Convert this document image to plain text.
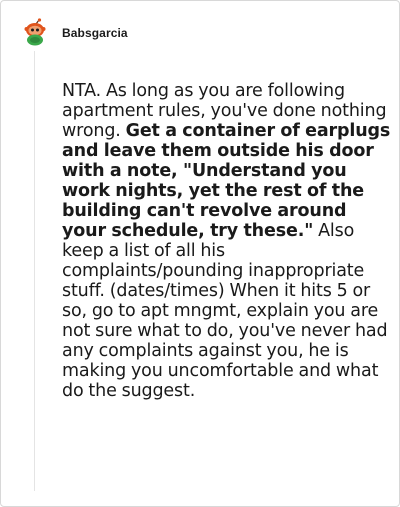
Babsgarcia
NTA. As long as you are following apartment rules, you've done nothing wrong. Get a container of earplugs and leave them outside his door with a note, "Understand you work nights, yet the rest of the building can't revolve around your schedule, try these." Also keep a list of all his complaints/pounding inappropriate stuff. (dates/times) When it hits 5 or so, go to apt mngmt, explain you are not sure what to do, you've never had any complaints against you, he is making you uncomfortable and what do the suggest.
